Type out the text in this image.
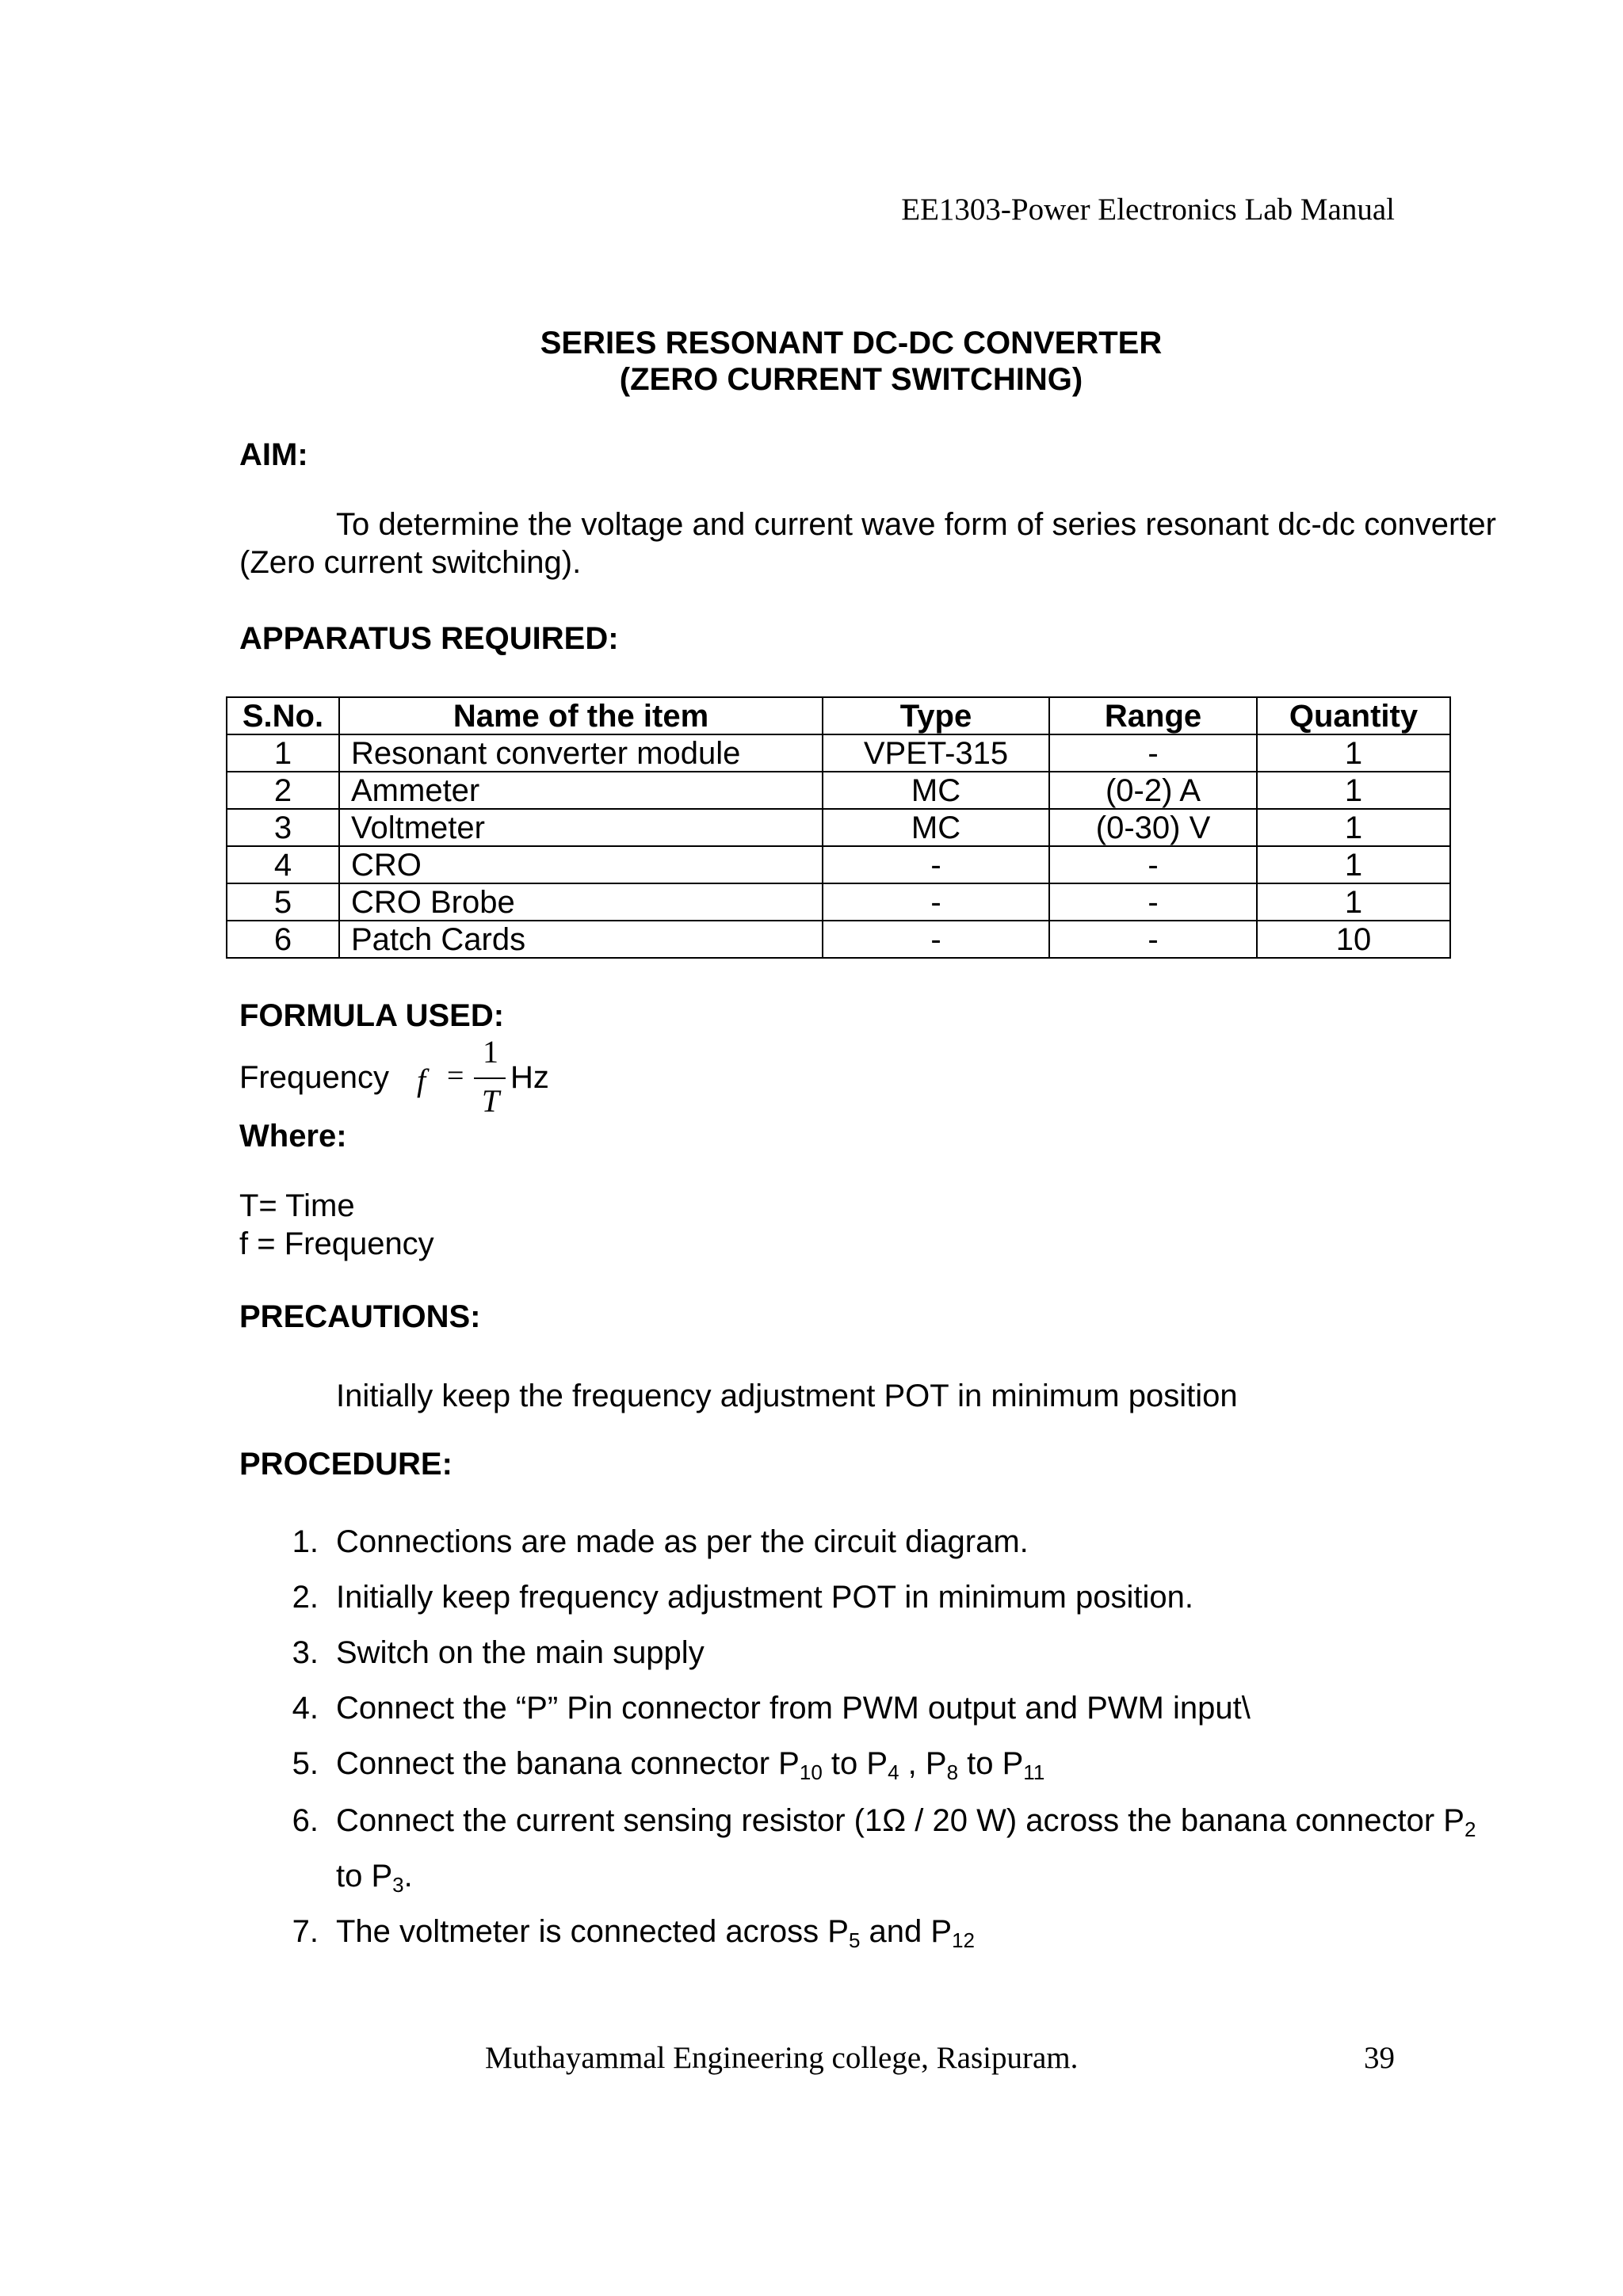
EE1303-Power Electronics Lab Manual
SERIES RESONANT DC-DC CONVERTER
(ZERO CURRENT SWITCHING)
AIM:
To determine the voltage and current wave form of series resonant dc-dc converter (Zero current switching).
APPARATUS REQUIRED:
S.No.	Name of the item	Type	Range	Quantity
1	Resonant converter module	VPET-315	-	1
2	Ammeter	MC	(0-2) A	1
3	Voltmeter	MC	(0-30) V	1
4	CRO	-	-	1
5	CRO Brobe	-	-	1
6	Patch Cards	-	-	10
FORMULA USED:
Frequency f =
1
T
Hz
Where:
T= Time
f = Frequency
PRECAUTIONS:
Initially keep the frequency adjustment POT in minimum position
PROCEDURE:
1. Connections are made as per the circuit diagram.
2. Initially keep frequency adjustment POT in minimum position.
3. Switch on the main supply
4. Connect the “P” Pin connector from PWM output and PWM input\
5. Connect the banana connector $P_{10}$ to $P_4$ , $P_8$ to $P_{11}$
6. Connect the current sensing resistor (1Ω / 20 W) across the banana connector $P_2$
to $P_3$.
7. The voltmeter is connected across $P_5$ and $P_{12}$
Muthayammal Engineering college, Rasipuram.	39
